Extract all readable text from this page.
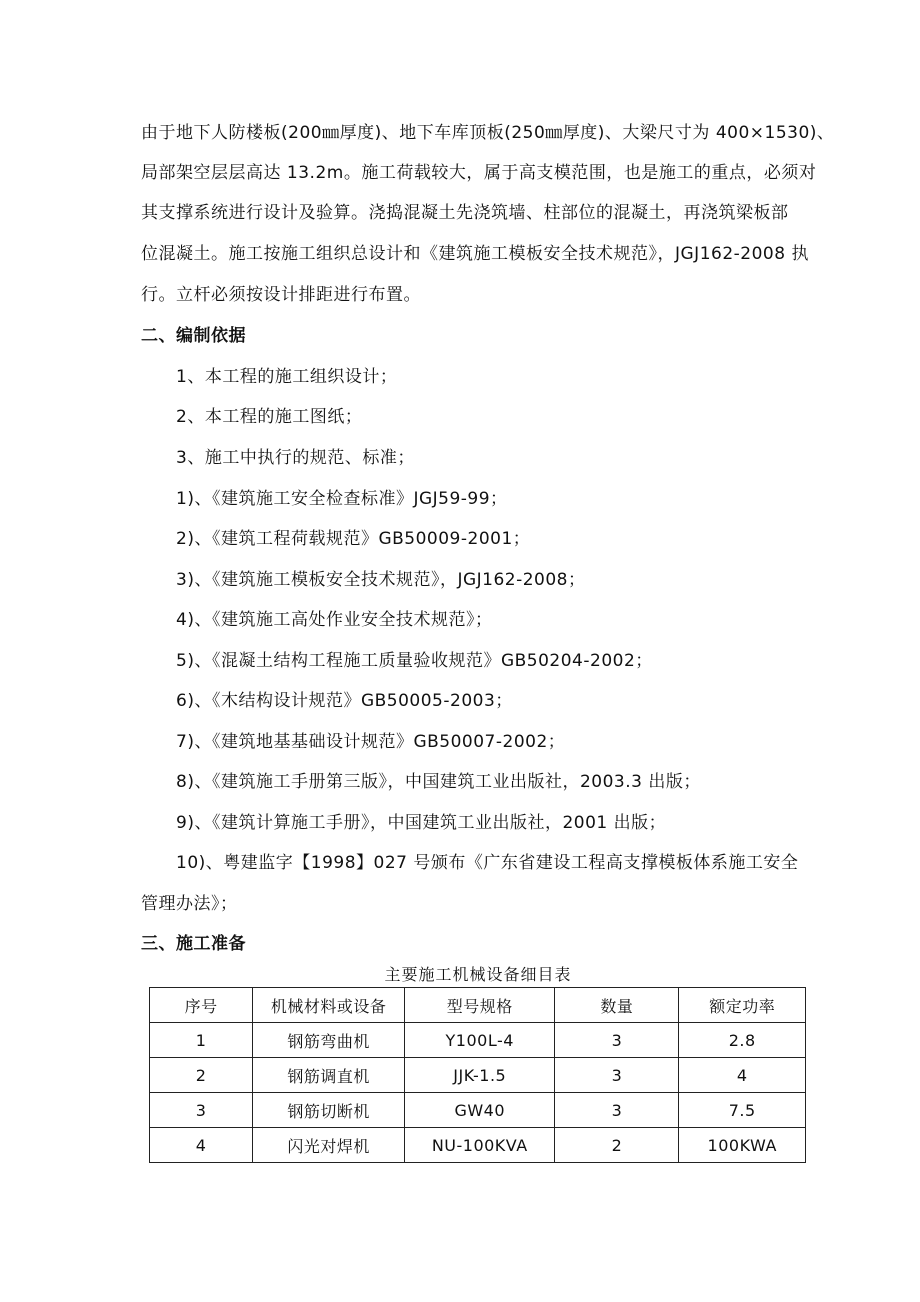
由于地下人防楼板(200㎜厚度)、地下车库顶板(250㎜厚度)、大梁尺寸为 400×1530)、
局部架空层层高达 13.2m。施工荷载较大，属于高支模范围，也是施工的重点，必须对
其支撑系统进行设计及验算。浇捣混凝土先浇筑墙、柱部位的混凝土，再浇筑梁板部
位混凝土。施工按施工组织总设计和《建筑施工模板安全技术规范》，JGJ162-2008 执
行。立杆必须按设计排距进行布置。
二、编制依据
1、本工程的施工组织设计；
2、本工程的施工图纸；
3、施工中执行的规范、标准；
1)、《建筑施工安全检查标准》JGJ59-99；
2)、《建筑工程荷载规范》GB50009-2001；
3)、《建筑施工模板安全技术规范》，JGJ162-2008；
4)、《建筑施工高处作业安全技术规范》；
5)、《混凝土结构工程施工质量验收规范》GB50204-2002；
6)、《木结构设计规范》GB50005-2003；
7)、《建筑地基基础设计规范》GB50007-2002；
8)、《建筑施工手册第三版》，中国建筑工业出版社，2003.3 出版；
9)、《建筑计算施工手册》，中国建筑工业出版社，2001 出版；
10)、粤建监字【1998】027 号颁布《广东省建设工程高支撑模板体系施工安全
管理办法》；
三、施工准备
主要施工机械设备细目表
序号	机械材料或设备	型号规格	数量	额定功率
1	钢筋弯曲机	Y100L-4	3	2.8
2	钢筋调直机	JJK-1.5	3	4
3	钢筋切断机	GW40	3	7.5
4	闪光对焊机	NU-100KVA	2	100KWA
